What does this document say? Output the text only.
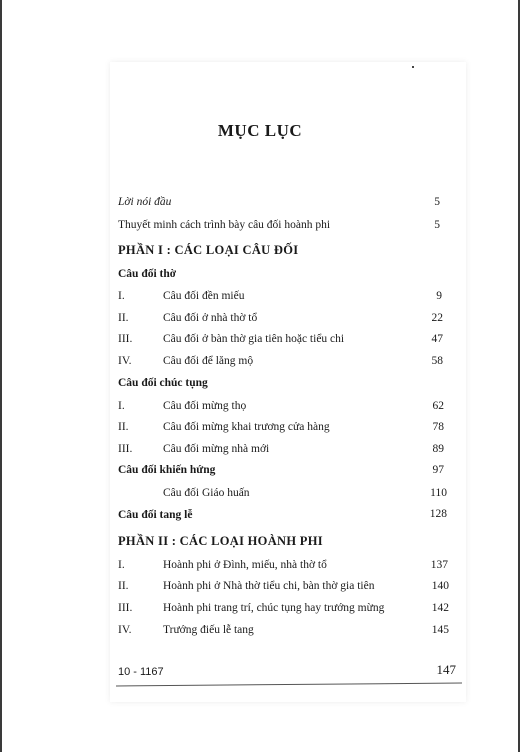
MỤC LỤC
Lời nói đầu	5
Thuyết minh cách trình bày câu đối hoành phi	5
PHẦN I : CÁC LOẠI CÂU ĐỐI
Câu đối thờ
I.	Câu đối đền miếu	9
II.	Câu đối ở nhà thờ tổ	22
III.	Câu đối ở bàn thờ gia tiên hoặc tiểu chi	47
IV.	Câu đối để lăng mộ	58
Câu đối chúc tụng
I.	Câu đối mừng thọ	62
II.	Câu đối mừng khai trương cửa hàng	78
III.	Câu đối mừng nhà mới	89
Câu đối khiến hứng	97
Câu đối Giáo huấn	110
Câu đối tang lễ	128
PHẦN II : CÁC LOẠI HOÀNH PHI
I.	Hoành phi ở Đình, miếu, nhà thờ tổ	137
II.	Hoành phi ở Nhà thờ tiểu chi, bàn thờ gia tiên	140
III.	Hoành phi trang trí, chúc tụng hay trướng mừng	142
IV.	Trướng điếu lễ tang	145
10 - 1167	147
